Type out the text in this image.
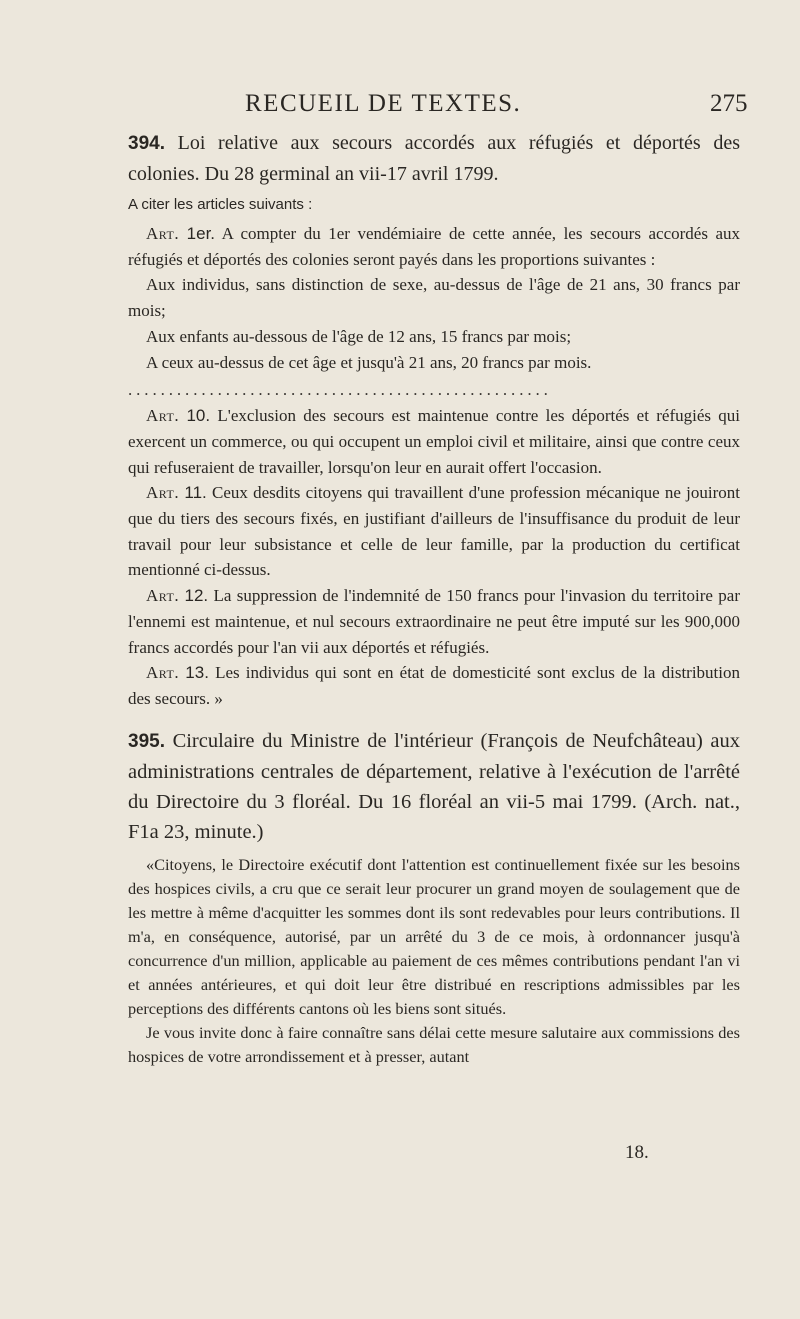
RECUEIL DE TEXTES.	275

394. Loi relative aux secours accordés aux réfugiés et déportés des colonies. Du 28 germinal an vii-17 avril 1799.

A citer les articles suivants :

Art. 1er. A compter du 1er vendémiaire de cette année, les secours accordés aux réfugiés et déportés des colonies seront payés dans les proportions suivantes :

Aux individus, sans distinction de sexe, au-dessus de l'âge de 21 ans, 30 francs par mois;

Aux enfants au-dessous de l'âge de 12 ans, 15 francs par mois;

A ceux au-dessus de cet âge et jusqu'à 21 ans, 20 francs par mois.

....................................................

Art. 10. L'exclusion des secours est maintenue contre les déportés et réfugiés qui exercent un commerce, ou qui occupent un emploi civil et militaire, ainsi que contre ceux qui refuseraient de travailler, lorsqu'on leur en aurait offert l'occasion.

Art. 11. Ceux desdits citoyens qui travaillent d'une profession mécanique ne jouiront que du tiers des secours fixés, en justifiant d'ailleurs de l'insuffisance du produit de leur travail pour leur subsistance et celle de leur famille, par la production du certificat mentionné ci-dessus.

Art. 12. La suppression de l'indemnité de 150 francs pour l'invasion du territoire par l'ennemi est maintenue, et nul secours extraordinaire ne peut être imputé sur les 900,000 francs accordés pour l'an vii aux déportés et réfugiés.

Art. 13. Les individus qui sont en état de domesticité sont exclus de la distribution des secours. »

395. Circulaire du Ministre de l'intérieur (François de Neufchâteau) aux administrations centrales de département, relative à l'exécution de l'arrêté du Directoire du 3 floréal. Du 16 floréal an vii-5 mai 1799. (Arch. nat., F1a 23, minute.)

«Citoyens, le Directoire exécutif dont l'attention est continuellement fixée sur les besoins des hospices civils, a cru que ce serait leur procurer un grand moyen de soulagement que de les mettre à même d'acquitter les sommes dont ils sont redevables pour leurs contributions. Il m'a, en conséquence, autorisé, par un arrêté du 3 de ce mois, à ordonnancer jusqu'à concurrence d'un million, applicable au paiement de ces mêmes contributions pendant l'an vi et années antérieures, et qui doit leur être distribué en rescriptions admissibles par les perceptions des différents cantons où les biens sont situés.

Je vous invite donc à faire connaître sans délai cette mesure salutaire aux commissions des hospices de votre arrondissement et à presser, autant

18.
